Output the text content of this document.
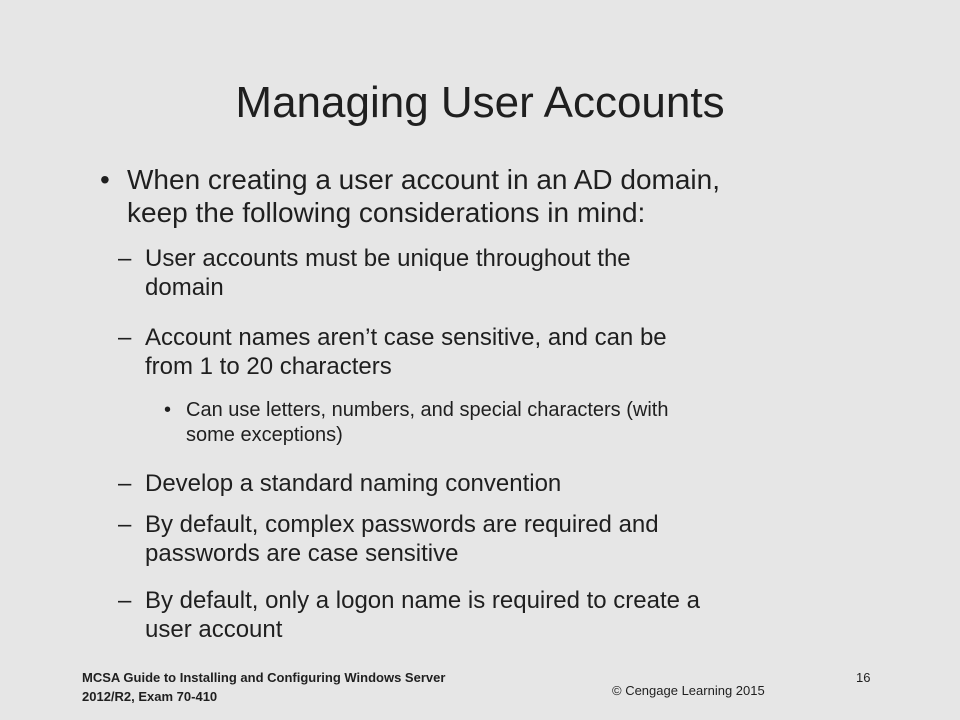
Managing User Accounts
• When creating a user account in an AD domain,
keep the following considerations in mind:
– User accounts must be unique throughout the
domain
– Account names aren’t case sensitive, and can be
from 1 to 20 characters
• Can use letters, numbers, and special characters (with
some exceptions)
– Develop a standard naming convention
– By default, complex passwords are required and
passwords are case sensitive
– By default, only a logon name is required to create a
user account
MCSA Guide to Installing and Configuring Windows Server
2012/R2, Exam 70-410	© Cengage Learning 2015
16
